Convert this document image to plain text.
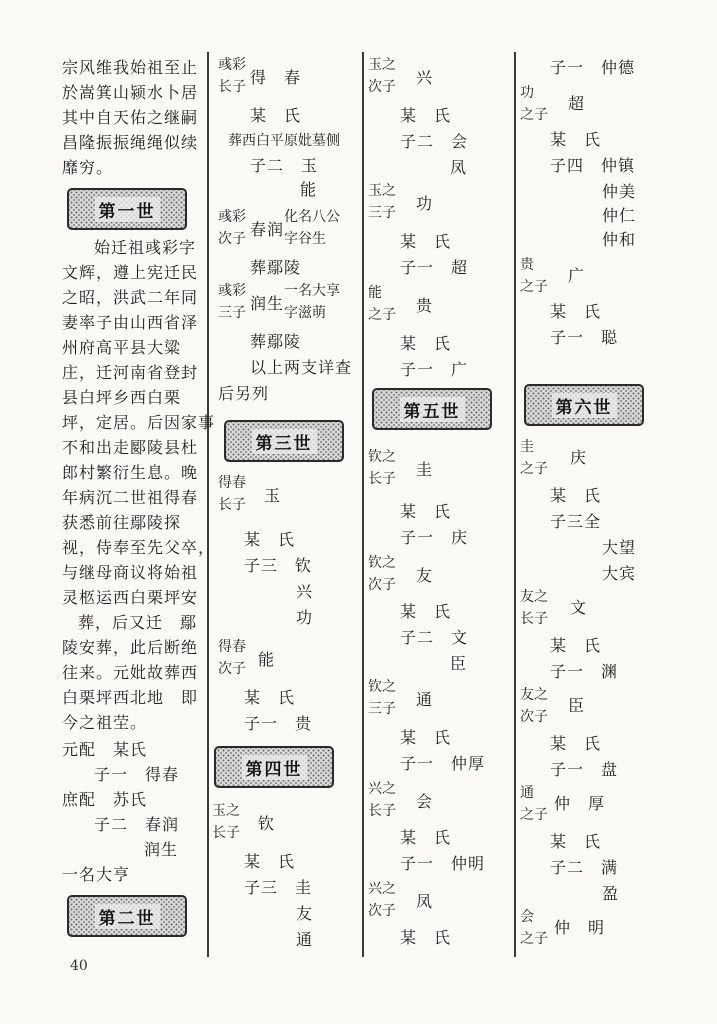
宗风维我始祖至止
於嵩箕山颍水卜居
其中自天佑之继嗣
昌隆振振绳绳似续
靡穷。
第一世
始迁祖彧彩字
文辉，遵上宪迁民
之昭，洪武二年同
妻率子由山西省泽
州府高平县大粱
庄，迁河南省登封
县白坪乡西白栗
坪，定居。后因家事
不和出走郾陵县杜
郎村繁衍生息。晚
年病沉二世祖得春
获悉前往鄢陵探
视，侍奉至先父卒，
与继母商议将始祖
灵柩运西白栗坪安
葬，后又迁　鄢
陵安葬，此后断绝
往来。元妣故葬西
白栗坪西北地　即
今之祖茔。
元配　某氏
子一　得春
庶配　苏氏
子二　春润
润生
一名大亨
第二世
彧彩
长子 得　春
某　氏
葬西白平原妣墓侧
子二　玉
能
彧彩
次子 春润
化名八公
字谷生
葬鄢陵
彧彩
三子 润生
一名大享
字滋萌
葬鄢陵
以上两支详查
后另列
第三世
得春
长子 玉
某　氏
子三　钦
兴
功
得春
次子 能
某　氏
子一　贵
第四世
玉之
长子 钦
某　氏
子三　圭
友
通
玉之
次子 兴
某　氏
子二　会
凤
玉之
三子 功
某　氏
子一　超
能
之子 贵
某　氏
子一　广
第五世
钦之
长子 圭
某　氏
子一　庆
钦之
次子 友
某　氏
子二　文
臣
钦之
三子 通
某　氏
子一　仲厚
兴之
长子 会
某　氏
子一　仲明
兴之
次子 凤
某　氏
子一　仲德
功
之子
超
某　氏
子四　仲镇
仲美
仲仁
仲和
贵
之子
广
某　氏
子一　聪
第六世
圭
之子
庆
某　氏
子三全
大望
大宾
友之
长子
文
某　氏
子一　渊
友之
次子
臣
某　氏
子一　盘
通
之子
仲　厚
某　氏
子二　满
盈
会
之子
仲　明
40
